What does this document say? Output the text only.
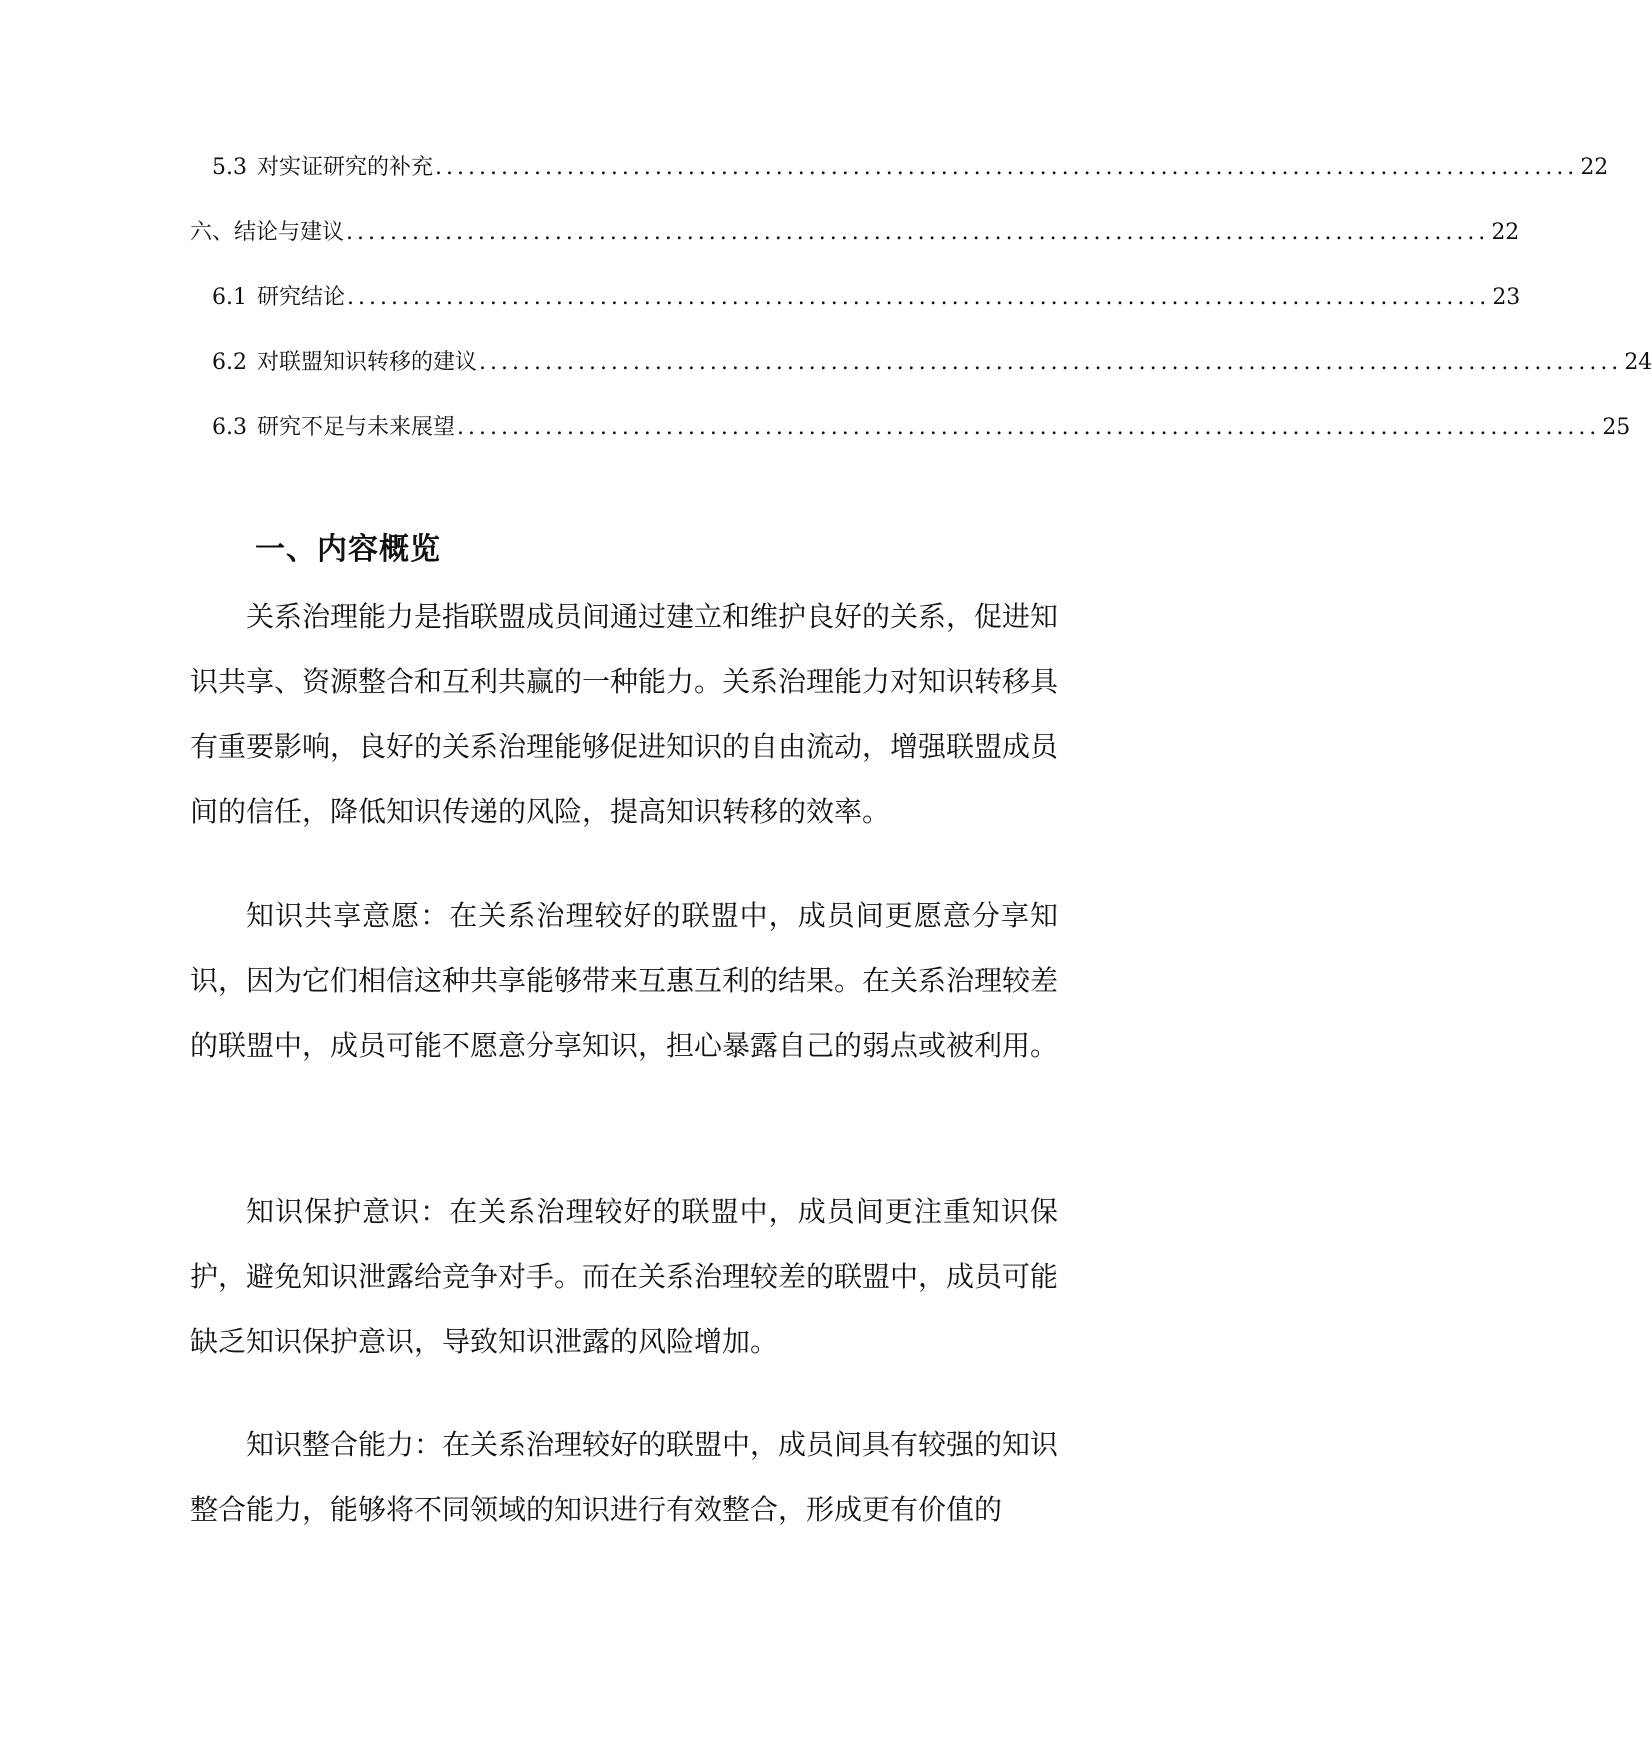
5.3 对实证研究的补充 ........................................................................................................ 22
六、结论与建议 ........................................................................................................ 22
6.1 研究结论 ........................................................................................................ 23
6.2 对联盟知识转移的建议 ........................................................................................................ 24
6.3 研究不足与未来展望 ........................................................................................................ 25
一、内容概览

关系治理能力是指联盟成员间通过建立和维护良好的关系，促进知识共享、资源整合和互利共赢的一种能力。关系治理能力对知识转移具有重要影响，良好的关系治理能够促进知识的自由流动，增强联盟成员间的信任，降低知识传递的风险，提高知识转移的效率。

知识共享意愿：在关系治理较好的联盟中，成员间更愿意分享知识，因为它们相信这种共享能够带来互惠互利的结果。在关系治理较差的联盟中，成员可能不愿意分享知识，担心暴露自己的弱点或被利用。

知识保护意识：在关系治理较好的联盟中，成员间更注重知识保护，避免知识泄露给竞争对手。而在关系治理较差的联盟中，成员可能缺乏知识保护意识，导致知识泄露的风险增加。

知识整合能力：在关系治理较好的联盟中，成员间具有较强的知识整合能力，能够将不同领域的知识进行有效整合，形成更有价值的
